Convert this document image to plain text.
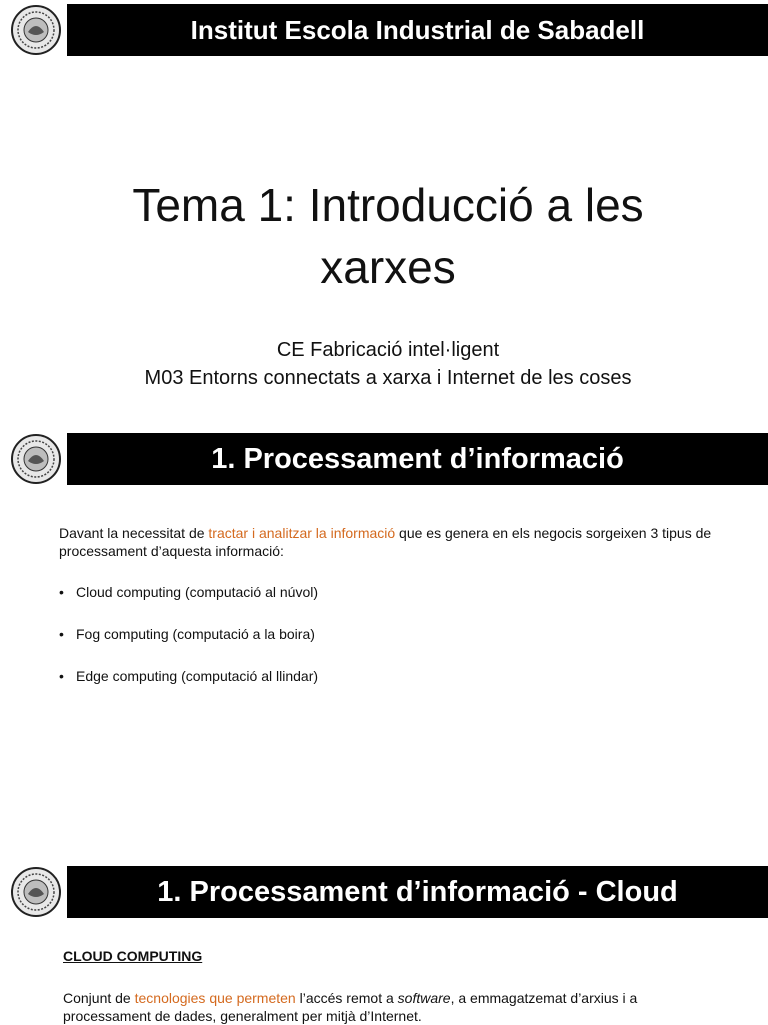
Institut Escola Industrial de Sabadell
Tema 1: Introducció a les xarxes
CE Fabricació intel·ligent
M03 Entorns connectats a xarxa i Internet de les coses
1. Processament d’informació

Davant la necessitat de tractar i analitzar la informació que es genera en els negocis sorgeixen 3 tipus de processament d’aquesta informació:

• Cloud computing (computació al núvol)
• Fog computing (computació a la boira)
• Edge computing (computació al llindar)
1. Processament d’informació - Cloud
CLOUD COMPUTING

Conjunt de tecnologies que permeten l’accés remot a software, a emmagatzemat d’arxius i a processament de dades, generalment per mitjà d’Internet.
